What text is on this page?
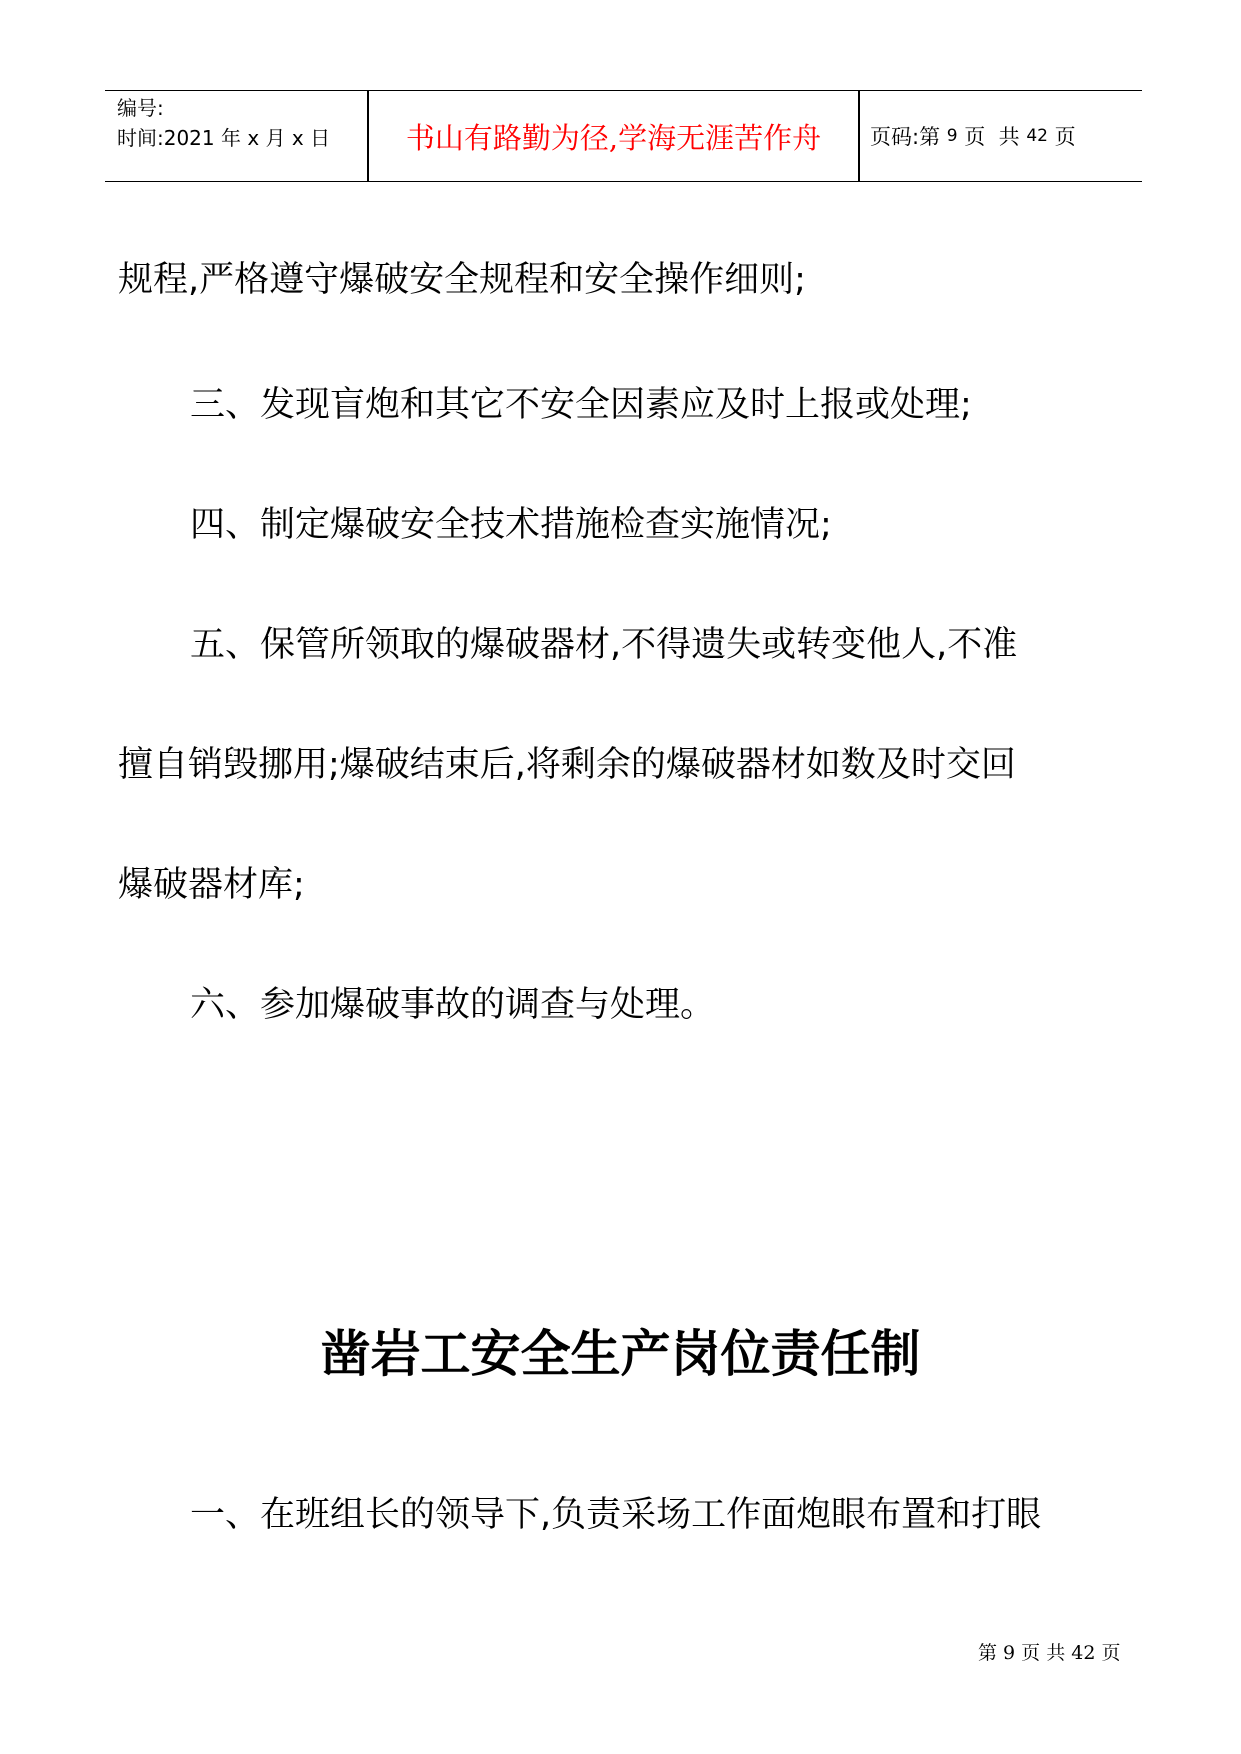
编号:
时间:2021 年 x 月 x 日	书山有路勤为径,学海无涯苦作舟	页码:第
9
页  共
42
页
规程,严格遵守爆破安全规程和安全操作细则;
三、发现盲炮和其它不安全因素应及时上报或处理;
四、制定爆破安全技术措施检查实施情况;
五、保管所领取的爆破器材,不得遗失或转变他人,不准
擅自销毁挪用;爆破结束后,将剩余的爆破器材如数及时交回
爆破器材库;
六、参加爆破事故的调查与处理。
一、在班组长的领导下,负责采场工作面炮眼布置和打眼
凿岩工安全生产岗位责任制
第 9 页 共 42 页
